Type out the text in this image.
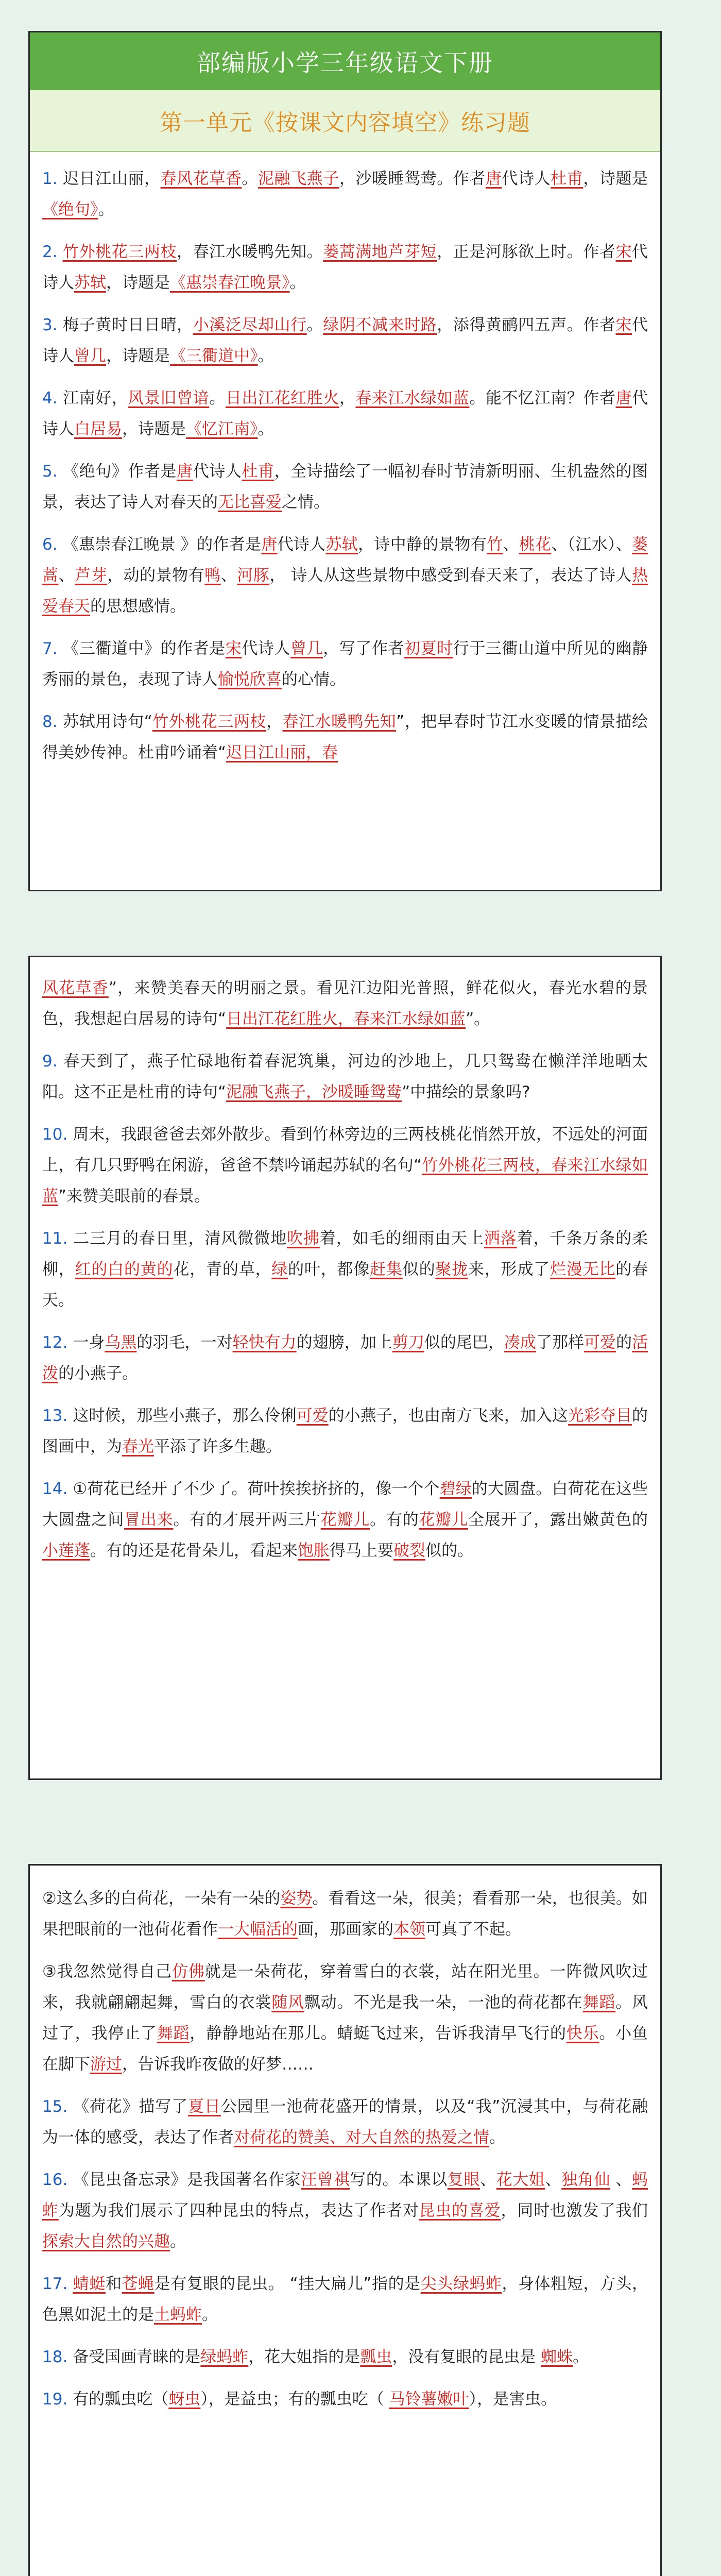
部编版小学三年级语文下册
第一单元《按课文内容填空》练习题

1. 迟日江山丽，春风花草香。泥融飞燕子，沙暖睡鸳鸯。作者唐代诗人杜甫，诗题是《绝句》。

2. 竹外桃花三两枝，春江水暖鸭先知。蒌蒿满地芦芽短，正是河豚欲上时。作者宋代诗人苏轼，诗题是《惠崇春江晚景》。

3. 梅子黄时日日晴，小溪泛尽却山行。绿阴不减来时路，添得黄鹂四五声。作者宋代诗人曾几，诗题是《三衢道中》。

4. 江南好，风景旧曾谙。日出江花红胜火，春来江水绿如蓝。能不忆江南？作者唐代诗人白居易，诗题是《忆江南》。

5. 《绝句》作者是唐代诗人杜甫，全诗描绘了一幅初春时节清新明丽、生机盎然的图景，表达了诗人对春天的无比喜爱之情。

6. 《惠崇春江晚景 》的作者是唐代诗人苏轼，诗中静的景物有竹、桃花、（江水）、蒌蒿、芦芽，动的景物有鸭、河豚， 诗人从这些景物中感受到春天来了，表达了诗人热爱春天的思想感情。

7. 《三衢道中》的作者是宋代诗人曾几，写了作者初夏时行于三衢山道中所见的幽静秀丽的景色，表现了诗人愉悦欣喜的心情。

8. 苏轼用诗句“竹外桃花三两枝，春江水暖鸭先知”，把早春时节江水变暖的情景描绘得美妙传神。杜甫吟诵着“迟日江山丽，春

风花草香”，来赞美春天的明丽之景。看见江边阳光普照，鲜花似火，春光水碧的景色，我想起白居易的诗句“日出江花红胜火，春来江水绿如蓝”。

9. 春天到了，燕子忙碌地衔着春泥筑巢，河边的沙地上，几只鸳鸯在懒洋洋地晒太阳。这不正是杜甫的诗句“泥融飞燕子，沙暖睡鸳鸯”中描绘的景象吗?

10. 周末，我跟爸爸去郊外散步。看到竹林旁边的三两枝桃花悄然开放，不远处的河面上，有几只野鸭在闲游，爸爸不禁吟诵起苏轼的名句“竹外桃花三两枝，春来江水绿如蓝”来赞美眼前的春景。

11. 二三月的春日里，清风微微地吹拂着，如毛的细雨由天上洒落着，千条万条的柔柳，红的白的黄的花，青的草，绿的叶，都像赶集似的聚拢来，形成了烂漫无比的春天。

12. 一身乌黑的羽毛，一对轻快有力的翅膀，加上剪刀似的尾巴，凑成了那样可爱的活泼的小燕子。

13. 这时候，那些小燕子，那么伶俐可爱的小燕子，也由南方飞来，加入这光彩夺目的图画中，为春光平添了许多生趣。

14. ①荷花已经开了不少了。荷叶挨挨挤挤的，像一个个碧绿的大圆盘。白荷花在这些大圆盘之间冒出来。有的才展开两三片花瓣儿。有的花瓣儿全展开了，露出嫩黄色的小莲蓬。有的还是花骨朵儿，看起来饱胀得马上要破裂似的。

②这么多的白荷花，一朵有一朵的姿势。看看这一朵，很美；看看那一朵，也很美。如果把眼前的一池荷花看作一大幅活的画，那画家的本领可真了不起。

③我忽然觉得自己仿佛就是一朵荷花，穿着雪白的衣裳，站在阳光里。一阵微风吹过来，我就翩翩起舞，雪白的衣裳随风飘动。不光是我一朵，一池的荷花都在舞蹈。风过了，我停止了舞蹈，静静地站在那儿。蜻蜓飞过来，告诉我清早飞行的快乐。小鱼在脚下游过，告诉我昨夜做的好梦……

15. 《荷花》描写了夏日公园里一池荷花盛开的情景，以及“我”沉浸其中，与荷花融为一体的感受，表达了作者对荷花的赞美、对大自然的热爱之情。

16. 《昆虫备忘录》是我国著名作家汪曾祺写的。本课以复眼、花大姐、独角仙 、蚂蚱为题为我们展示了四种昆虫的特点，表达了作者对昆虫的喜爱，同时也激发了我们探索大自然的兴趣。

17. 蜻蜓和苍蝇是有复眼的昆虫。 “挂大扁儿”指的是尖头绿蚂蚱，身体粗短，方头，色黑如泥土的是土蚂蚱。

18. 备受国画青睐的是绿蚂蚱，花大姐指的是瓢虫，没有复眼的昆虫是 蜘蛛。

19. 有的瓢虫吃（蚜虫），是益虫；有的瓢虫吃（ 马铃薯嫩叶），是害虫。
